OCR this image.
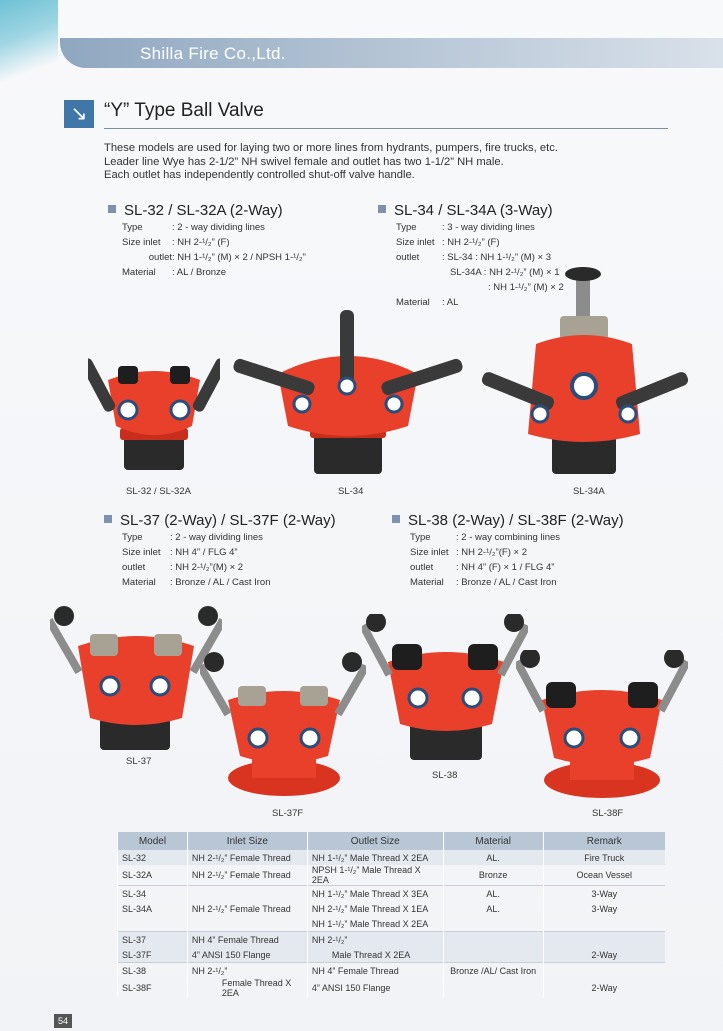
Shilla Fire Co.,Ltd.
↘ “Y” Type Ball Valve
These models are used for laying two or more lines from hydrants, pumpers, fire trucks, etc.
Leader line Wye has 2-1/2” NH swivel female and outlet has two 1-1/2” NH male.
Each outlet has independently controlled shut-off valve handle.
SL-32 / SL-32A (2-Way)
Type	: 2 - way dividing lines
Size inlet : NH 2-¹/₂” (F)
outlet: NH 1-¹/₂” (M) × 2 / NPSH 1-¹/₂”
Material : AL / Bronze
SL-34 / SL-34A (3-Way)
Type	: 3 - way dividing lines
Size inlet : NH 2-¹/₂” (F)
outlet : SL-34 : NH 1-¹/₂” (M) × 3
SL-34A : NH 2-¹/₂” (M) × 1
: NH 1-¹/₂” (M) × 2
Material : AL
SL-32 / SL-32A	SL-34	SL-34A
SL-37 (2-Way) / SL-37F (2-Way)
Type	: 2 - way dividing lines
Size inlet : NH 4” / FLG 4”
outlet	: NH 2-¹/₂”(M) × 2
Material : Bronze / AL / Cast Iron
SL-38 (2-Way) / SL-38F (2-Way)
Type	: 2 - way combining lines
Size inlet : NH 2-¹/₂”(F) × 2
outlet : NH 4” (F) × 1 / FLG 4”
Material : Bronze / AL / Cast Iron
SL-37
SL-37F
SL-38
SL-38F
Model	Inlet Size	Outlet Size	Material	Remark
SL-32	NH 2-¹/₂” Female Thread	NH 1-¹/₂” Male Thread X 2EA	AL.	Fire Truck
SL-32A	NH 2-¹/₂” Female Thread	NPSH 1-¹/₂” Male Thread X 2EA	Bronze	Ocean Vessel
SL-34		NH 1-¹/₂” Male Thread X 3EA	AL.	3-Way
SL-34A	NH 2-¹/₂” Female Thread	NH 2-¹/₂” Male Thread X 1EA	AL.	3-Way
		NH 1-¹/₂” Male Thread X 2EA		
SL-37	NH 4” Female Thread	NH 2-¹/₂”		
SL-37F	4” ANSI 150 Flange	Male Thread X 2EA		2-Way
SL-38	NH 2-¹/₂”	NH 4” Female Thread	Bronze /AL/ Cast Iron	
SL-38F	Female Thread X 2EA	4” ANSI 150 Flange		2-Way
54
